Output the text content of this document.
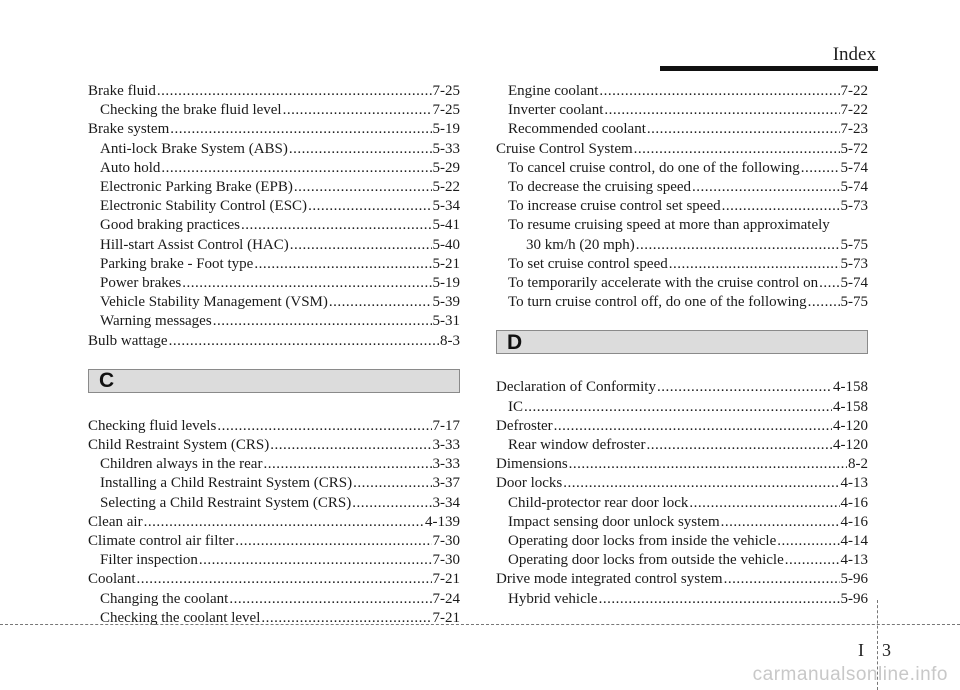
Index
Brake fluid .....	7-25
Checking the brake fluid level .....	7-25
Brake system .....	5-19
Anti-lock Brake System (ABS) .....	5-33
Auto hold .....	5-29
Electronic Parking Brake (EPB) .....	5-22
Electronic Stability Control (ESC) .....	5-34
Good braking practices .....	5-41
Hill-start Assist Control (HAC) .....	5-40
Parking brake - Foot type .....	5-21
Power brakes .....	5-19
Vehicle Stability Management (VSM) .....	5-39
Warning messages .....	5-31
Bulb wattage .....	8-3
C
Checking fluid levels .....	7-17
Child Restraint System (CRS) .....	3-33
Children always in the rear .....	3-33
Installing a Child Restraint System (CRS) .....	3-37
Selecting a Child Restraint System (CRS) .....	3-34
Clean air .....	4-139
Climate control air filter .....	7-30
Filter inspection .....	7-30
Coolant .....	7-21
Changing the coolant .....	7-24
Checking the coolant level .....	7-21
Engine coolant .....	7-22
Inverter coolant .....	7-22
Recommended coolant .....	7-23
Cruise Control System .....	5-72
To cancel cruise control, do one of the following .....	5-74
To decrease the cruising speed .....	5-74
To increase cruise control set speed .....	5-73
To resume cruising speed at more than approximately
30 km/h (20 mph) .....	5-75
To set cruise control speed .....	5-73
To temporarily accelerate with the cruise control on ..... 5-74
To turn cruise control off, do one of the following ..... 5-75
D
Declaration of Conformity .....	4-158
IC .....	4-158
Defroster .....	4-120
Rear window defroster .....	4-120
Dimensions .....	8-2
Door locks .....	4-13
Child-protector rear door lock .....	4-16
Impact sensing door unlock system .....	4-16
Operating door locks from inside the vehicle .....	4-14
Operating door locks from outside the vehicle .....	4-13
Drive mode integrated control system .....	5-96
Hybrid vehicle .....	5-96
I 3
carmanualsonline.info
